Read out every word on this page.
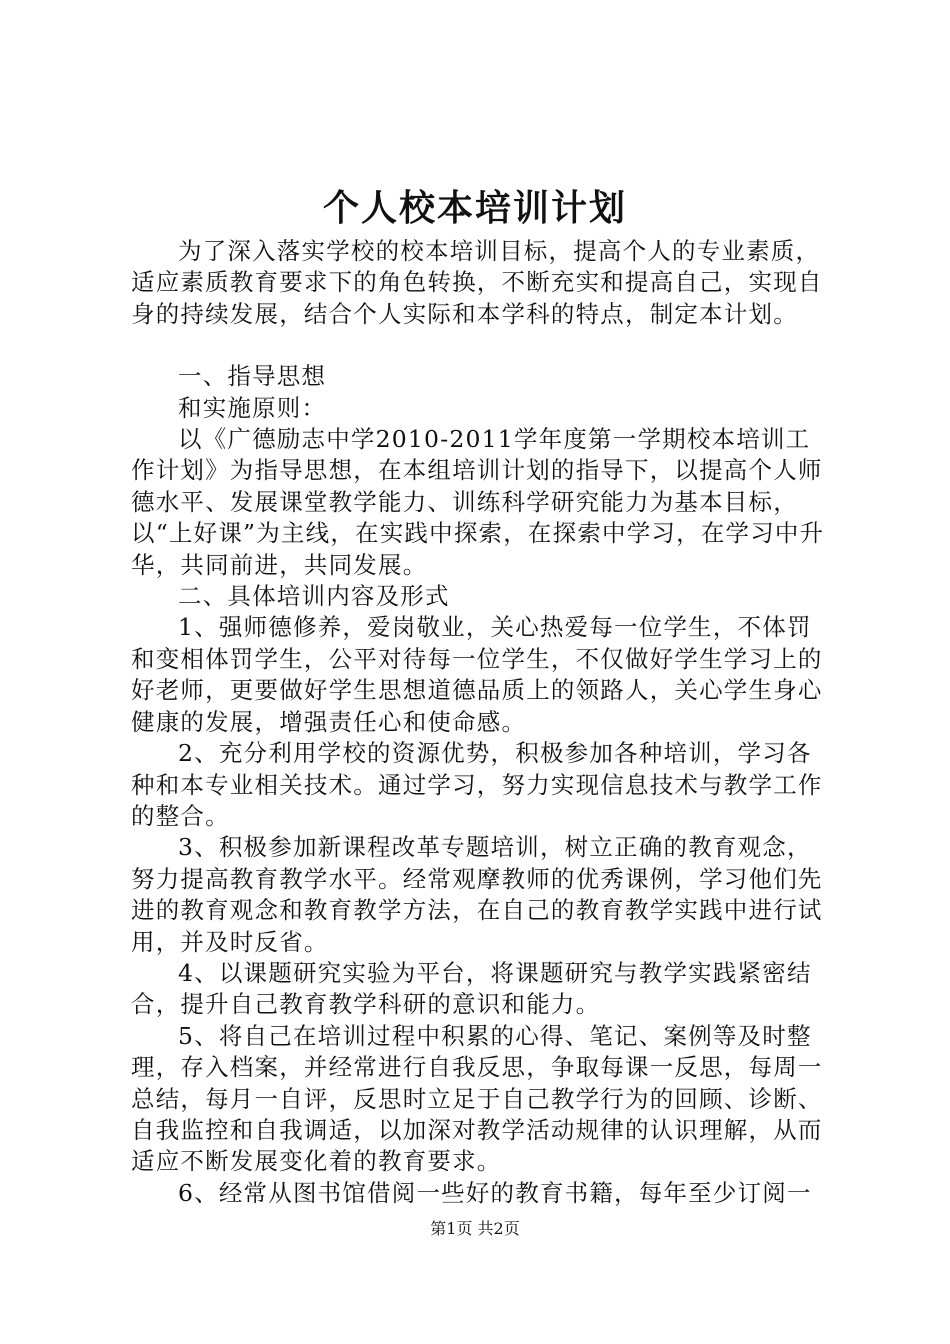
个人校本培训计划

为了深入落实学校的校本培训目标，提高个人的专业素质，适应素质教育要求下的角色转换，不断充实和提高自己，实现自身的持续发展，结合个人实际和本学科的特点，制定本计划。

一、指导思想

和实施原则：

以《广德励志中学2010-2011学年度第一学期校本培训工作计划》为指导思想，在本组培训计划的指导下，以提高个人师德水平、发展课堂教学能力、训练科学研究能力为基本目标，以“上好课”为主线，在实践中探索，在探索中学习，在学习中升华，共同前进，共同发展。

二、具体培训内容及形式

1、强师德修养，爱岗敬业，关心热爱每一位学生，不体罚和变相体罚学生，公平对待每一位学生，不仅做好学生学习上的好老师，更要做好学生思想道德品质上的领路人，关心学生身心健康的发展，增强责任心和使命感。

2、充分利用学校的资源优势，积极参加各种培训，学习各种和本专业相关技术。通过学习，努力实现信息技术与教学工作的整合。

3、积极参加新课程改革专题培训，树立正确的教育观念，努力提高教育教学水平。经常观摩教师的优秀课例，学习他们先进的教育观念和教育教学方法，在自己的教育教学实践中进行试用，并及时反省。

4、以课题研究实验为平台，将课题研究与教学实践紧密结合，提升自己教育教学科研的意识和能力。

5、将自己在培训过程中积累的心得、笔记、案例等及时整理，存入档案，并经常进行自我反思，争取每课一反思，每周一总结，每月一自评，反思时立足于自己教学行为的回顾、诊断、自我监控和自我调适，以加深对教学活动规律的认识理解，从而适应不断发展变化着的教育要求。

6、经常从图书馆借阅一些好的教育书籍，每年至少订阅一

第1页 共2页
